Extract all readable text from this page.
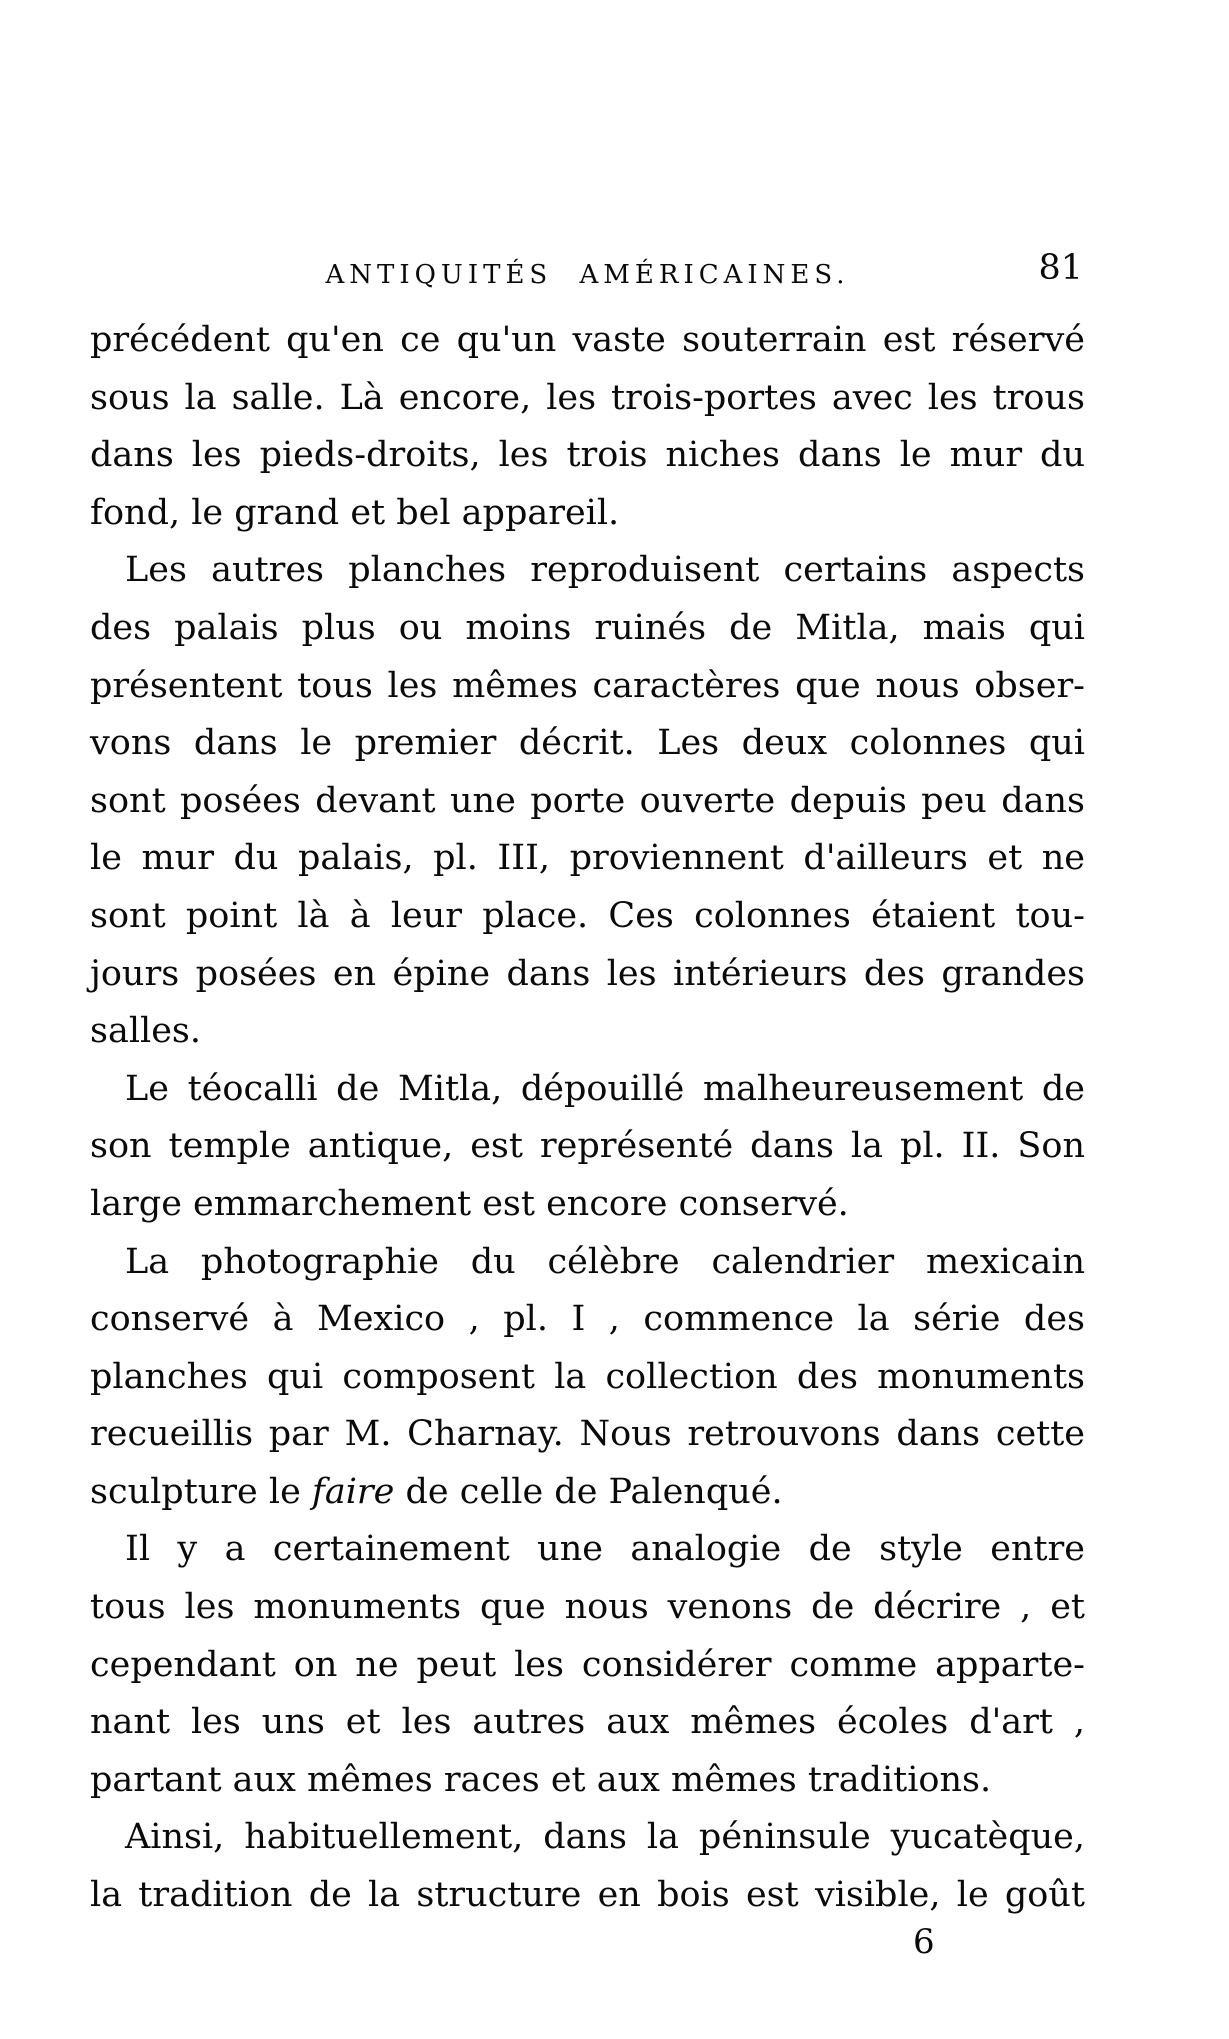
ANTIQUITÉS AMÉRICAINES.	81
précédent qu'en ce qu'un vaste souterrain est réservé
sous la salle. Là encore, les trois-portes avec les trous
dans les pieds-droits, les trois niches dans le mur du
fond, le grand et bel appareil.
Les autres planches reproduisent certains aspects
des palais plus ou moins ruinés de Mitla, mais qui
présentent tous les mêmes caractères que nous obser-
vons dans le premier décrit. Les deux colonnes qui
sont posées devant une porte ouverte depuis peu dans
le mur du palais, pl. III, proviennent d'ailleurs et ne
sont point là à leur place. Ces colonnes étaient tou-
jours posées en épine dans les intérieurs des grandes
salles.
Le téocalli de Mitla, dépouillé malheureusement de
son temple antique, est représenté dans la pl. II. Son
large emmarchement est encore conservé.
La photographie du célèbre calendrier mexicain
conservé à Mexico , pl. I , commence la série des
planches qui composent la collection des monuments
recueillis par M. Charnay. Nous retrouvons dans cette
sculpture le faire de celle de Palenqué.
Il y a certainement une analogie de style entre
tous les monuments que nous venons de décrire , et
cependant on ne peut les considérer comme apparte-
nant les uns et les autres aux mêmes écoles d'art ,
partant aux mêmes races et aux mêmes traditions.
Ainsi, habituellement, dans la péninsule yucatèque,
la tradition de la structure en bois est visible, le goût
6
